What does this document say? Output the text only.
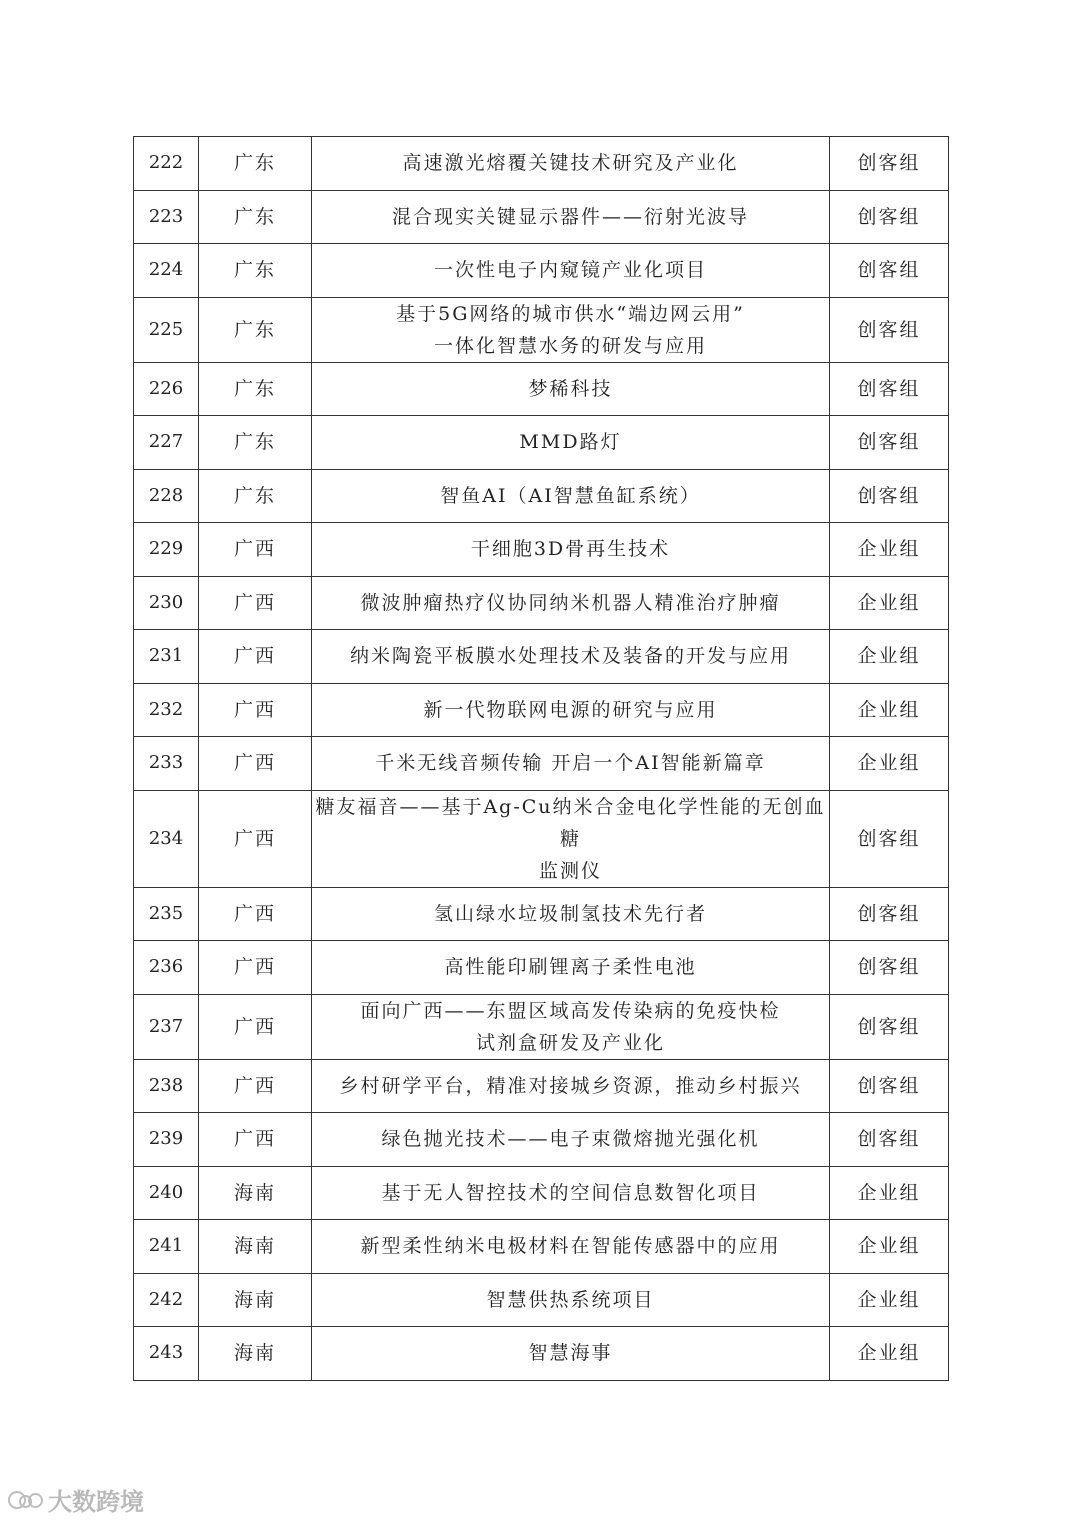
222	广东	高速激光熔覆关键技术研究及产业化	创客组
223	广东	混合现实关键显示器件——衍射光波导	创客组
224	广东	一次性电子内窥镜产业化项目	创客组
225	广东	基于5G网络的城市供水“端边网云用”
一体化智慧水务的研发与应用	创客组
226	广东	梦稀科技	创客组
227	广东	MMD路灯	创客组
228	广东	智鱼AI（AI智慧鱼缸系统）	创客组
229	广西	干细胞3D骨再生技术	企业组
230	广西	微波肿瘤热疗仪协同纳米机器人精准治疗肿瘤	企业组
231	广西	纳米陶瓷平板膜水处理技术及装备的开发与应用	企业组
232	广西	新一代物联网电源的研究与应用	企业组
233	广西	千米无线音频传输 开启一个AI智能新篇章	企业组
234	广西	糖友福音——基于Ag-Cu纳米合金电化学性能的无创血糖
监测仪	创客组
235	广西	氢山绿水垃圾制氢技术先行者	创客组
236	广西	高性能印刷锂离子柔性电池	创客组
237	广西	面向广西——东盟区域高发传染病的免疫快检
试剂盒研发及产业化	创客组
238	广西	乡村研学平台，精准对接城乡资源，推动乡村振兴	创客组
239	广西	绿色抛光技术——电子束微熔抛光强化机	创客组
240	海南	基于无人智控技术的空间信息数智化项目	企业组
241	海南	新型柔性纳米电极材料在智能传感器中的应用	企业组
242	海南	智慧供热系统项目	企业组
243	海南	智慧海事	企业组
大数跨境
